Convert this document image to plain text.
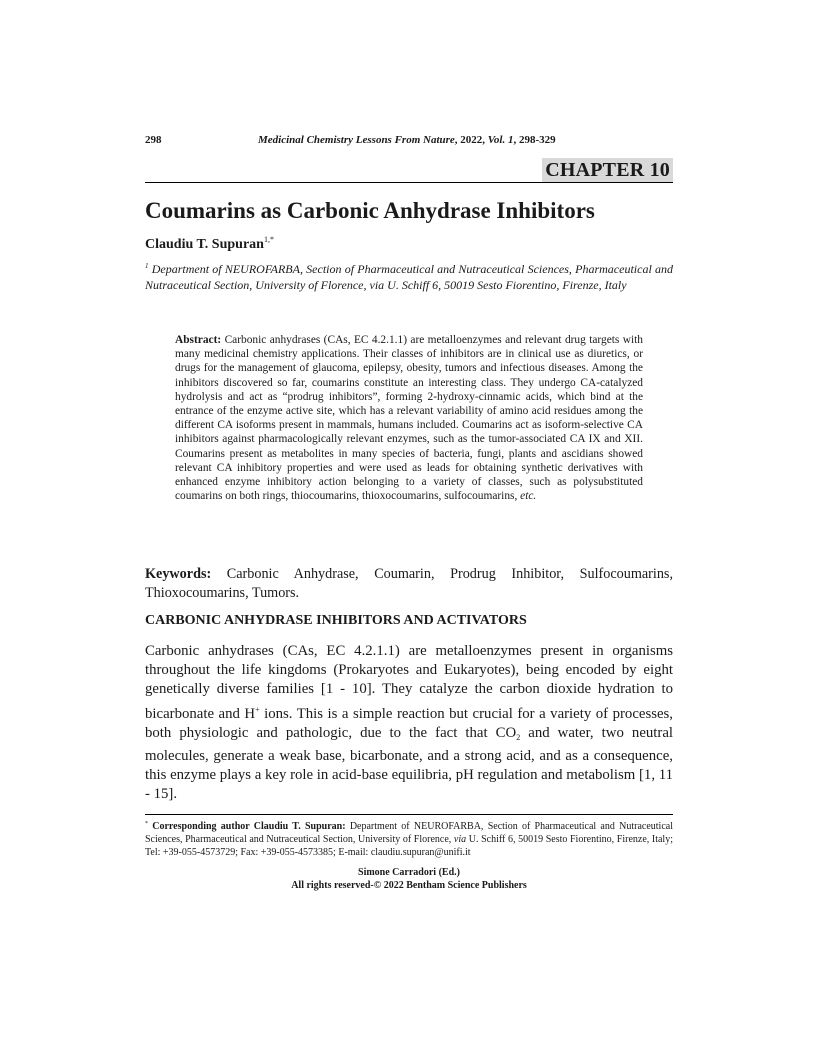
298	Medicinal Chemistry Lessons From Nature, 2022, Vol. 1, 298-329
CHAPTER 10
Coumarins as Carbonic Anhydrase Inhibitors
Claudiu T. Supuran$^{1,*}$
$^1$ Department of NEUROFARBA, Section of Pharmaceutical and Nutraceutical Sciences, Pharmaceutical and Nutraceutical Section, University of Florence, via U. Schiff 6, 50019 Sesto Fiorentino, Firenze, Italy
Abstract: Carbonic anhydrases (CAs, EC 4.2.1.1) are metalloenzymes and relevant drug targets with many medicinal chemistry applications. Their classes of inhibitors are in clinical use as diuretics, or drugs for the management of glaucoma, epilepsy, obesity, tumors and infectious diseases. Among the inhibitors discovered so far, coumarins constitute an interesting class. They undergo CA-catalyzed hydrolysis and act as “prodrug inhibitors”, forming 2-hydroxy-cinnamic acids, which bind at the entrance of the enzyme active site, which has a relevant variability of amino acid residues among the different CA isoforms present in mammals, humans included. Coumarins act as isoform-selective CA inhibitors against pharmacologically relevant enzymes, such as the tumor-associated CA IX and XII. Coumarins present as metabolites in many species of bacteria, fungi, plants and ascidians showed relevant CA inhibitory properties and were used as leads for obtaining synthetic derivatives with enhanced enzyme inhibitory action belonging to a variety of classes, such as polysubstituted coumarins on both rings, thiocoumarins, thioxocoumarins, sulfocoumarins, etc.
Keywords: Carbonic Anhydrase, Coumarin, Prodrug Inhibitor, Sulfocoumarins, Thioxocoumarins, Tumors.
CARBONIC ANHYDRASE INHIBITORS AND ACTIVATORS
Carbonic anhydrases (CAs, EC 4.2.1.1) are metalloenzymes present in organisms throughout the life kingdoms (Prokaryotes and Eukaryotes), being encoded by eight genetically diverse families [1 - 10]. They catalyze the carbon dioxide hydration to bicarbonate and H+ ions. This is a simple reaction but crucial for a variety of processes, both physiologic and pathologic, due to the fact that $CO_2$ and water, two neutral molecules, generate a weak base, bicarbonate, and a strong acid, and as a consequence, this enzyme plays a key role in acid-base equilibria, pH regulation and metabolism [1, 11 - 15].
* Corresponding author Claudiu T. Supuran: Department of NEUROFARBA, Section of Pharmaceutical and Nutraceutical Sciences, Pharmaceutical and Nutraceutical Section, University of Florence, via U. Schiff 6, 50019 Sesto Fiorentino, Firenze, Italy; Tel: +39-055-4573729; Fax: +39-055-4573385; E-mail: claudiu.supuran@unifi.it
Simone Carradori (Ed.)
All rights reserved-© 2022 Bentham Science Publishers
